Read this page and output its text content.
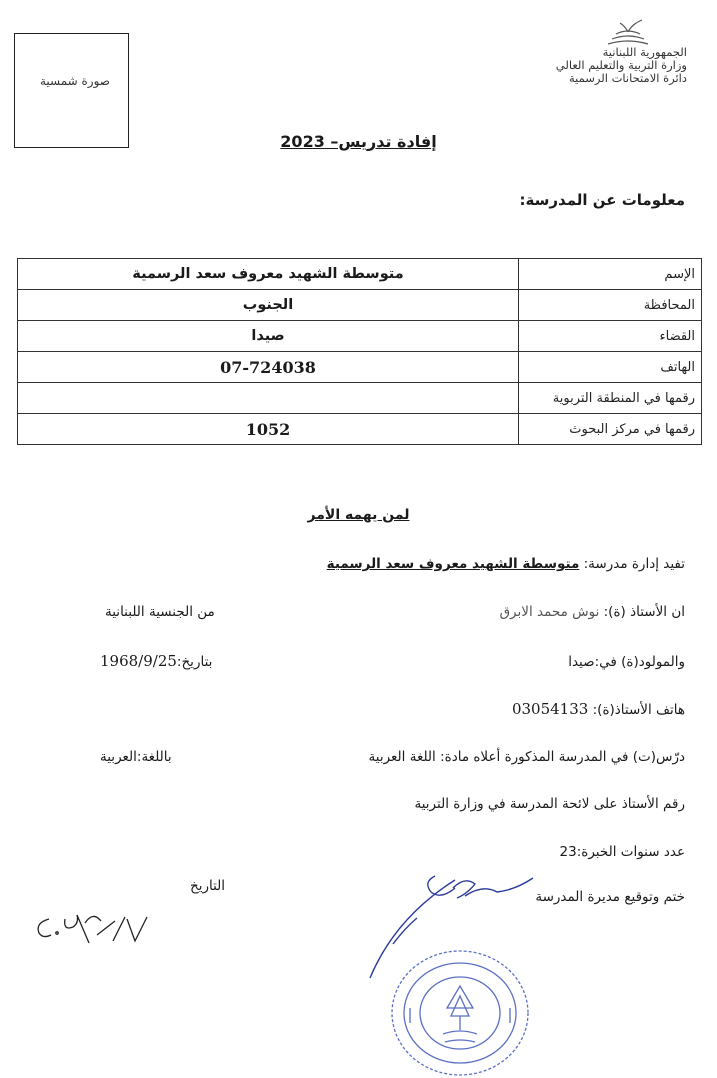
الجمهورية اللبنانية
وزارة التربية والتعليم العالي
دائرة الامتحانات الرسمية
صورة شمسية
إفادة تدريس– 2023
معلومات عن المدرسة:
الإسم	متوسطة الشهيد معروف سعد الرسمية
المحافظة	الجنوب
القضاء	صيدا
الهاتف	07-724038
رقمها في المنطقة التربوية	
رقمها في مركز البحوث	1052
لمن يهمه الأمر
تفيد إدارة مدرسة: متوسطة الشهيد معروف سعد الرسمية
ان الأستاذ (ة): نوش محمد الابرق
من الجنسية اللبنانية
والمولود(ة) في:صيدا
بتاريخ:1968/9/25
هاتف الأستاذ(ة): 03054133
درّس(ت) في المدرسة المذكورة أعلاه مادة: اللغة العربية
باللغة:العربية
رقم الأستاذ على لائحة المدرسة في وزارة التربية
عدد سنوات الخبرة:23
ختم وتوقيع مديرة المدرسة
التاريخ
